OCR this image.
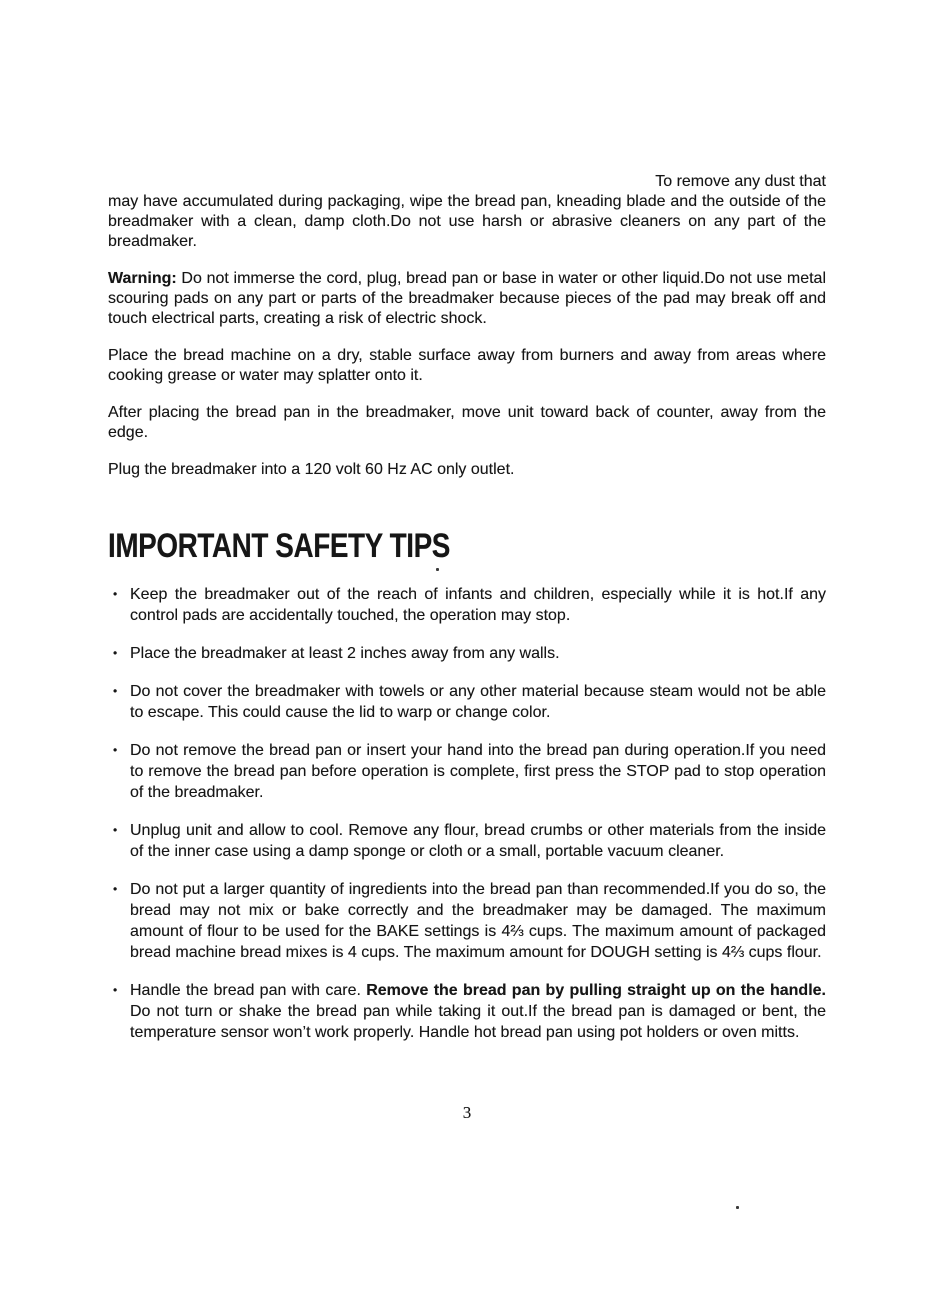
To remove any dust that

may have accumulated during packaging, wipe the bread pan, kneading blade and the outside of the breadmaker with a clean, damp cloth.Do not use harsh or abrasive cleaners on any part of the breadmaker.

Warning: Do not immerse the cord, plug, bread pan or base in water or other liquid.Do not use metal scouring pads on any part or parts of the breadmaker because pieces of the pad may break off and touch electrical parts, creating a risk of electric shock.

Place the bread machine on a dry, stable surface away from burners and away from areas where cooking grease or water may splatter onto it.

After placing the bread pan in the breadmaker, move unit toward back of counter, away from the edge.

Plug the breadmaker into a 120 volt 60 Hz AC only outlet.

IMPORTANT SAFETY TIPS
• Keep the breadmaker out of the reach of infants and children, especially while it is hot.If any control pads are accidentally touched, the operation may stop.
• Place the breadmaker at least 2 inches away from any walls.
• Do not cover the breadmaker with towels or any other material because steam would not be able to escape. This could cause the lid to warp or change color.
• Do not remove the bread pan or insert your hand into the bread pan during operation.If you need to remove the bread pan before operation is complete, first press the STOP pad to stop operation of the breadmaker.
• Unplug unit and allow to cool. Remove any flour, bread crumbs or other materials from the inside of the inner case using a damp sponge or cloth or a small, portable vacuum cleaner.
• Do not put a larger quantity of ingredients into the bread pan than recommended.If you do so, the bread may not mix or bake correctly and the breadmaker may be damaged. The maximum amount of flour to be used for the BAKE settings is 4⅔ cups. The maximum amount of packaged bread machine bread mixes is 4 cups. The maximum amount for DOUGH setting is 4⅔ cups flour.
• Handle the bread pan with care. Remove the bread pan by pulling straight up on the handle. Do not turn or shake the bread pan while taking it out.If the bread pan is damaged or bent, the temperature sensor won’t work properly. Handle hot bread pan using pot holders or oven mitts.
3
